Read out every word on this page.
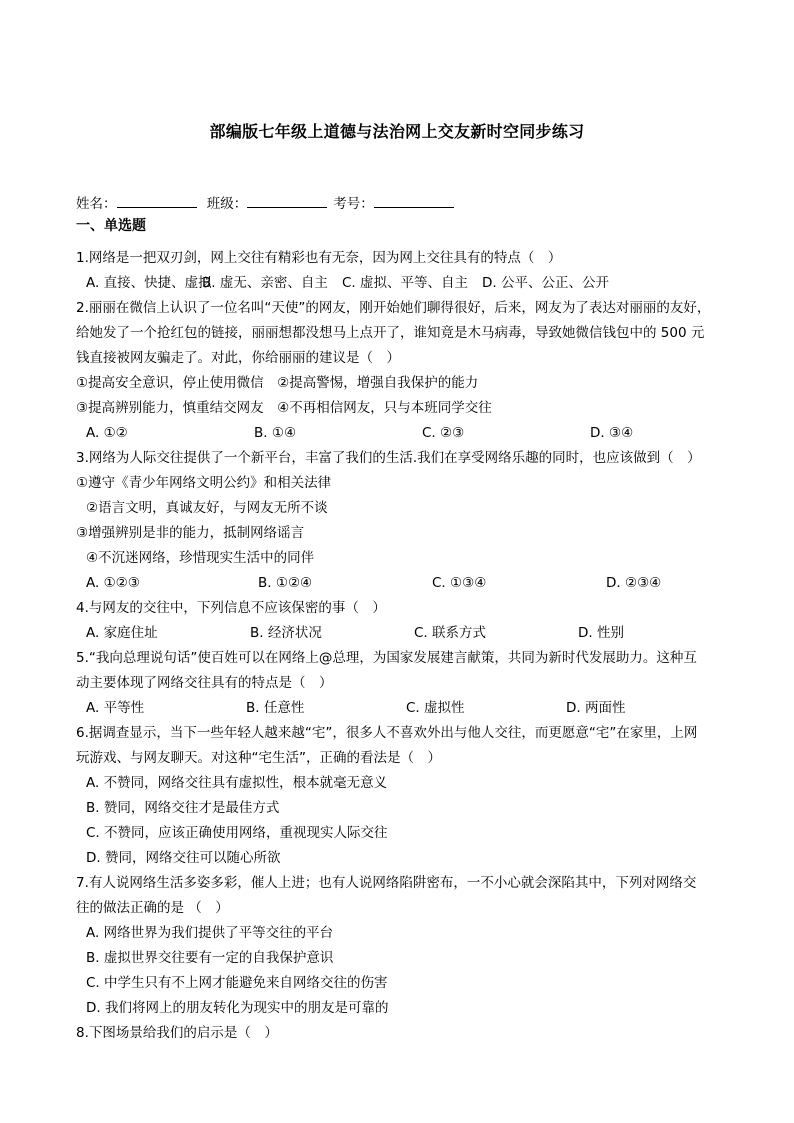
部编版七年级上道德与法治网上交友新时空同步练习
姓名：	班级：	考号：
一、单选题
1.网络是一把双刃剑，网上交往有精彩也有无奈，因为网上交往具有的特点（　）
A. 直接、快捷、虚拟
B. 虚无、亲密、自主	C. 虚拟、平等、自主	D. 公平、公正、公开
2.丽丽在微信上认识了一位名叫“天使”的网友，刚开始她们聊得很好，后来，网友为了表达对丽丽的友好，
给她发了一个抢红包的链接，丽丽想都没想马上点开了，谁知竟是木马病毒，导致她微信钱包中的 500 元
钱直接被网友骗走了。对此，你给丽丽的建议是（　）
①提高安全意识，停止使用微信　②提高警惕，增强自我保护的能力
③提高辨别能力，慎重结交网友　④不再相信网友，只与本班同学交往
A. ①②	B. ①④	C. ②③	D. ③④
3.网络为人际交往提供了一个新平台，丰富了我们的生活.我们在享受网络乐趣的同时，也应该做到（　）
①遵守《青少年网络文明公约》和相关法律
②语言文明，真诚友好，与网友无所不谈
③增强辨别是非的能力，抵制网络谣言
④不沉迷网络，珍惜现实生活中的同伴
A. ①②③	B. ①②④	C. ①③④	D. ②③④
4.与网友的交往中，下列信息不应该保密的事（　）
A. 家庭住址	B. 经济状况	C. 联系方式	D. 性别
5.“我向总理说句话”使百姓可以在网络上@总理，为国家发展建言献策，共同为新时代发展助力。这种互
动主要体现了网络交往具有的特点是（　）
A. 平等性	B. 任意性	C. 虚拟性	D. 两面性
6.据调查显示，当下一些年轻人越来越“宅”，很多人不喜欢外出与他人交往，而更愿意“宅”在家里，上网
玩游戏、与网友聊天。对这种“宅生活”，正确的看法是（　）
A. 不赞同，网络交往具有虚拟性，根本就毫无意义
B. 赞同，网络交往才是最佳方式
C. 不赞同，应该正确使用网络，重视现实人际交往
D. 赞同，网络交往可以随心所欲
7.有人说网络生活多姿多彩，催人上进；也有人说网络陷阱密布，一不小心就会深陷其中，下列对网络交
往的做法正确的是 （　）
A. 网络世界为我们提供了平等交往的平台
B. 虚拟世界交往要有一定的自我保护意识
C. 中学生只有不上网才能避免来自网络交往的伤害
D. 我们将网上的朋友转化为现实中的朋友是可靠的
8.下图场景给我们的启示是（　）
